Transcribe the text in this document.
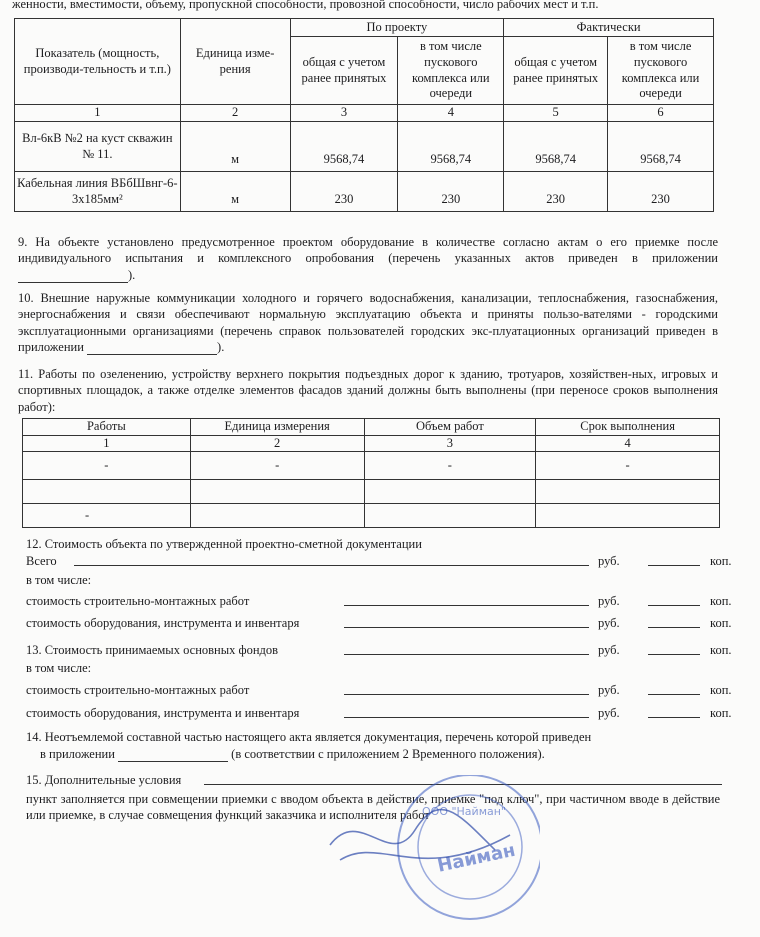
женности, вместимости, объему, пропускной способности, провозной способности, число рабочих мест и т.п.
Показатель (мощность, производи-тельность и т.п.)	Единица изме-рения	По проекту		Фактически	
		общая с учетом ранее принятых	в том числе пускового комплекса или очереди	общая с учетом ранее принятых	в том числе пускового комплекса или очереди
1	2	3	4	5	6
Вл-6кВ №2 на куст скважин № 11.	м	9568,74	9568,74	9568,74	9568,74
Кабельная линия ВБбШвнг-6- 3х185мм²	м	230	230	230	230
9. На объекте установлено предусмотренное проектом оборудование в количестве согласно актам о его приемке после индивидуального испытания и комплексного опробования (перечень указанных актов приведен в приложении ).
10. Внешние наружные коммуникации холодного и горячего водоснабжения, канализации, теплоснабжения, газоснабжения, энергоснабжения и связи обеспечивают нормальную эксплуатацию объекта и приняты пользо-вателями - городскими эксплуатационными организациями (перечень справок пользователей городских экс-плуатационных организаций приведен в приложении	).
11. Работы по озеленению, устройству верхнего покрытия подъездных дорог к зданию, тротуаров, хозяйствен-ных, игровых и спортивных площадок, а также отделке элементов фасадов зданий должны быть выполнены (при переносе сроков выполнения работ):
Работы	Единица измерения	Объем работ	Срок выполнения
1	2	3	4
-	-	-	-

-			
12. Стоимость объекта по утвержденной проектно-сметной документации
Всего	руб.	коп.
в том числе:
стоимость строительно-монтажных работ	руб.	коп.
стоимость оборудования, инструмента и инвентаря	руб.	коп.
13. Стоимость принимаемых основных фондов	руб.	коп.
в том числе:
стоимость строительно-монтажных работ	руб.	коп.
стоимость оборудования, инструмента и инвентаря	руб.	коп.
14. Неотъемлемой составной частью настоящего акта является документация, перечень которой приведен
в приложении	(в соответствии с приложением 2 Временного положения).
15. Дополнительные условия
пункт заполняется при совмещении приемки с вводом объекта в действие, приемке "под ключ", при частичном вводе в действие или приемке, в случае совмещения функций заказчика и исполнителя работ
ООО "Найман"
Найман
